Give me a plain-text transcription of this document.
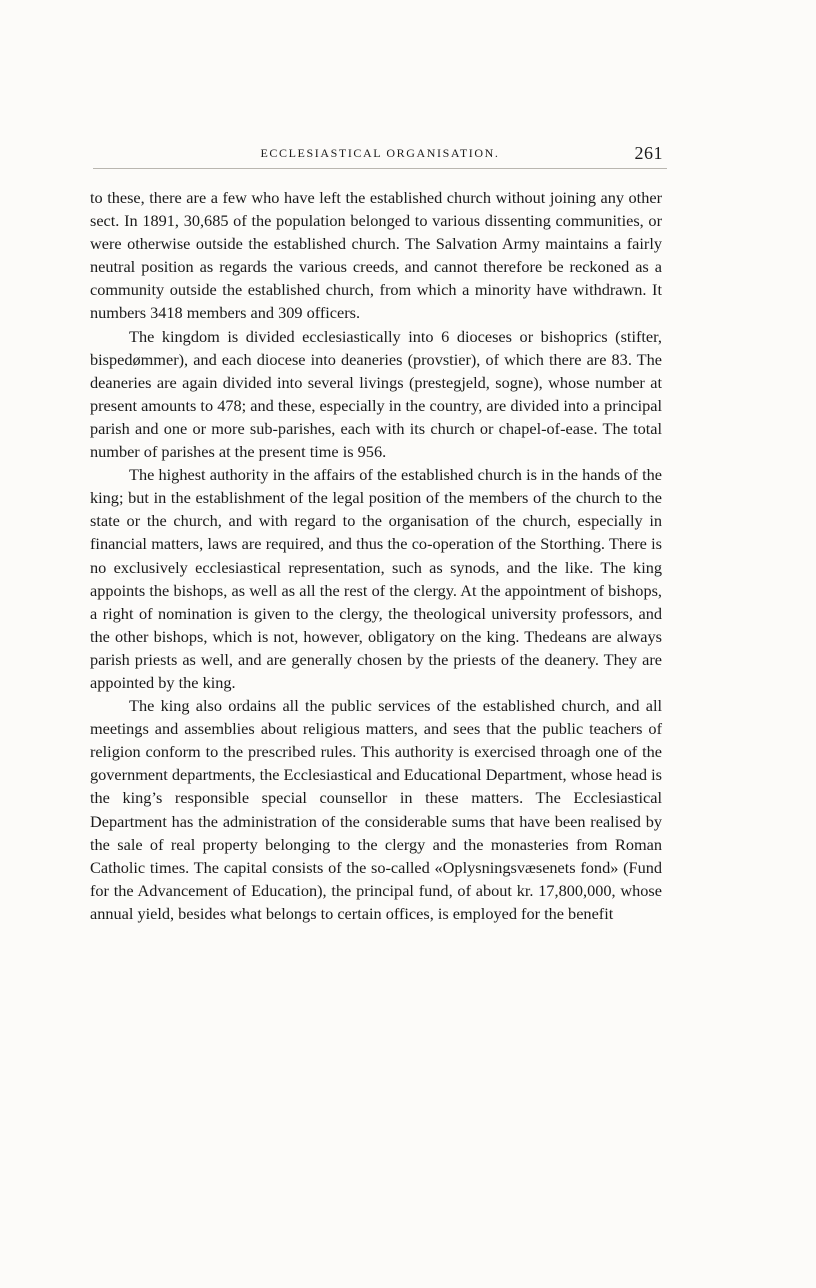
ECCLESIASTICAL ORGANISATION.	261

to these, there are a few who have left the established church without joining any other sect. In 1891, 30,685 of the population belonged to various dissenting communities, or were otherwise outside the established church. The Salvation Army maintains a fairly neutral position as regards the various creeds, and cannot therefore be reckoned as a community outside the established church, from which a minority have withdrawn. It numbers 3418 members and 309 officers.

The kingdom is divided ecclesiastically into 6 dioceses or bishoprics (stifter, bispedømmer), and each diocese into deaneries (provstier), of which there are 83. The deaneries are again divided into several livings (prestegjeld, sogne), whose number at present amounts to 478; and these, especially in the country, are divided into a principal parish and one or more sub-parishes, each with its church or chapel-of-ease. The total number of parishes at the present time is 956.

The highest authority in the affairs of the established church is in the hands of the king; but in the establishment of the legal position of the members of the church to the state or the church, and with regard to the organisation of the church, especially in financial matters, laws are required, and thus the co-operation of the Storthing. There is no exclusively ecclesiastical representation, such as synods, and the like. The king appoints the bishops, as well as all the rest of the clergy. At the appointment of bishops, a right of nomination is given to the clergy, the theological university professors, and the other bishops, which is not, however, obligatory on the king. Thedeans are always parish priests as well, and are generally chosen by the priests of the deanery. They are appointed by the king.

The king also ordains all the public services of the established church, and all meetings and assemblies about religious matters, and sees that the public teachers of religion conform to the prescribed rules. This authority is exercised throagh one of the government departments, the Ecclesiastical and Educational Department, whose head is the king’s responsible special counsellor in these matters. The Ecclesiastical Department has the administration of the considerable sums that have been realised by the sale of real property belonging to the clergy and the monasteries from Roman Catholic times. The capital consists of the so-called «Oplysningsvæsenets fond» (Fund for the Advancement of Education), the principal fund, of about kr. 17,800,000, whose annual yield, besides what belongs to certain offices, is employed for the benefit
